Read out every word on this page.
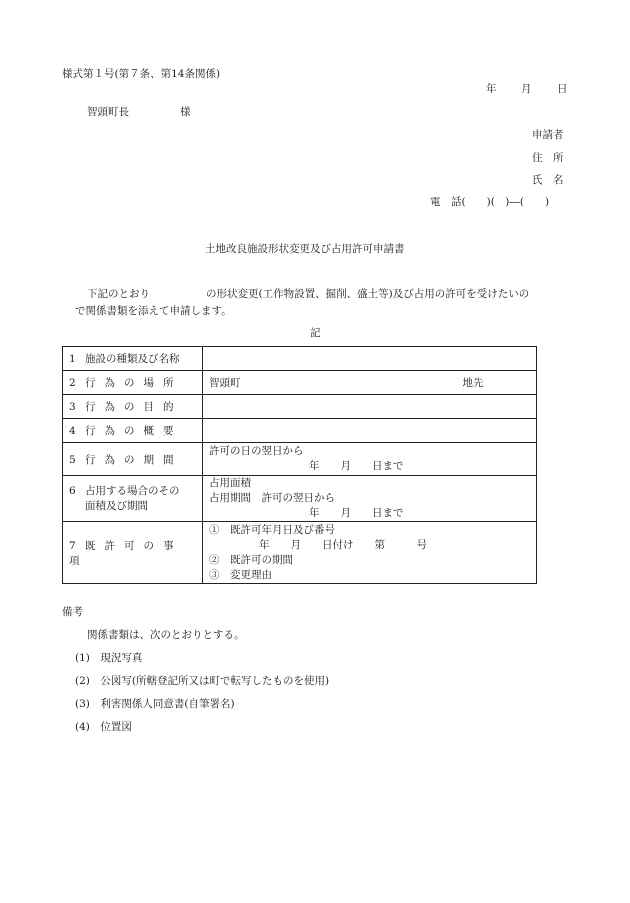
様式第１号(第７条、第14条関係)
年 月 日
智頭町長	様
申請者
住　所
氏　名
電　話(　　)(　)―(　　)
土地改良施設形状変更及び占用許可申請書
下記のとおり	の形状変更(工作物設置、掘削、盛土等)及び占用の許可を受けたいの
で関係書類を添えて申請します。
記
1 施設の種類及び名称	
2 行為の場所	智頭町 地先

3 行為の目的	
4 行為の概要	
5 行為の期間	許可の日の翌日から
年　　月　　日まで

6 占用する場合のその
面積及び期間	占用面積
占用期間　許可の翌日から
年　　月　　日まで

7 既許可の事項	①　既許可年月日及び番号
年　　月　　日付け　　第　　　号
②　既許可の期間
③　変更理由
備考
関係書類は、次のとおりとする。
(1)　現況写真
(2)　公図写(所轄登記所又は町で転写したものを使用)
(3)　利害関係人同意書(自筆署名)
(4)　位置図
